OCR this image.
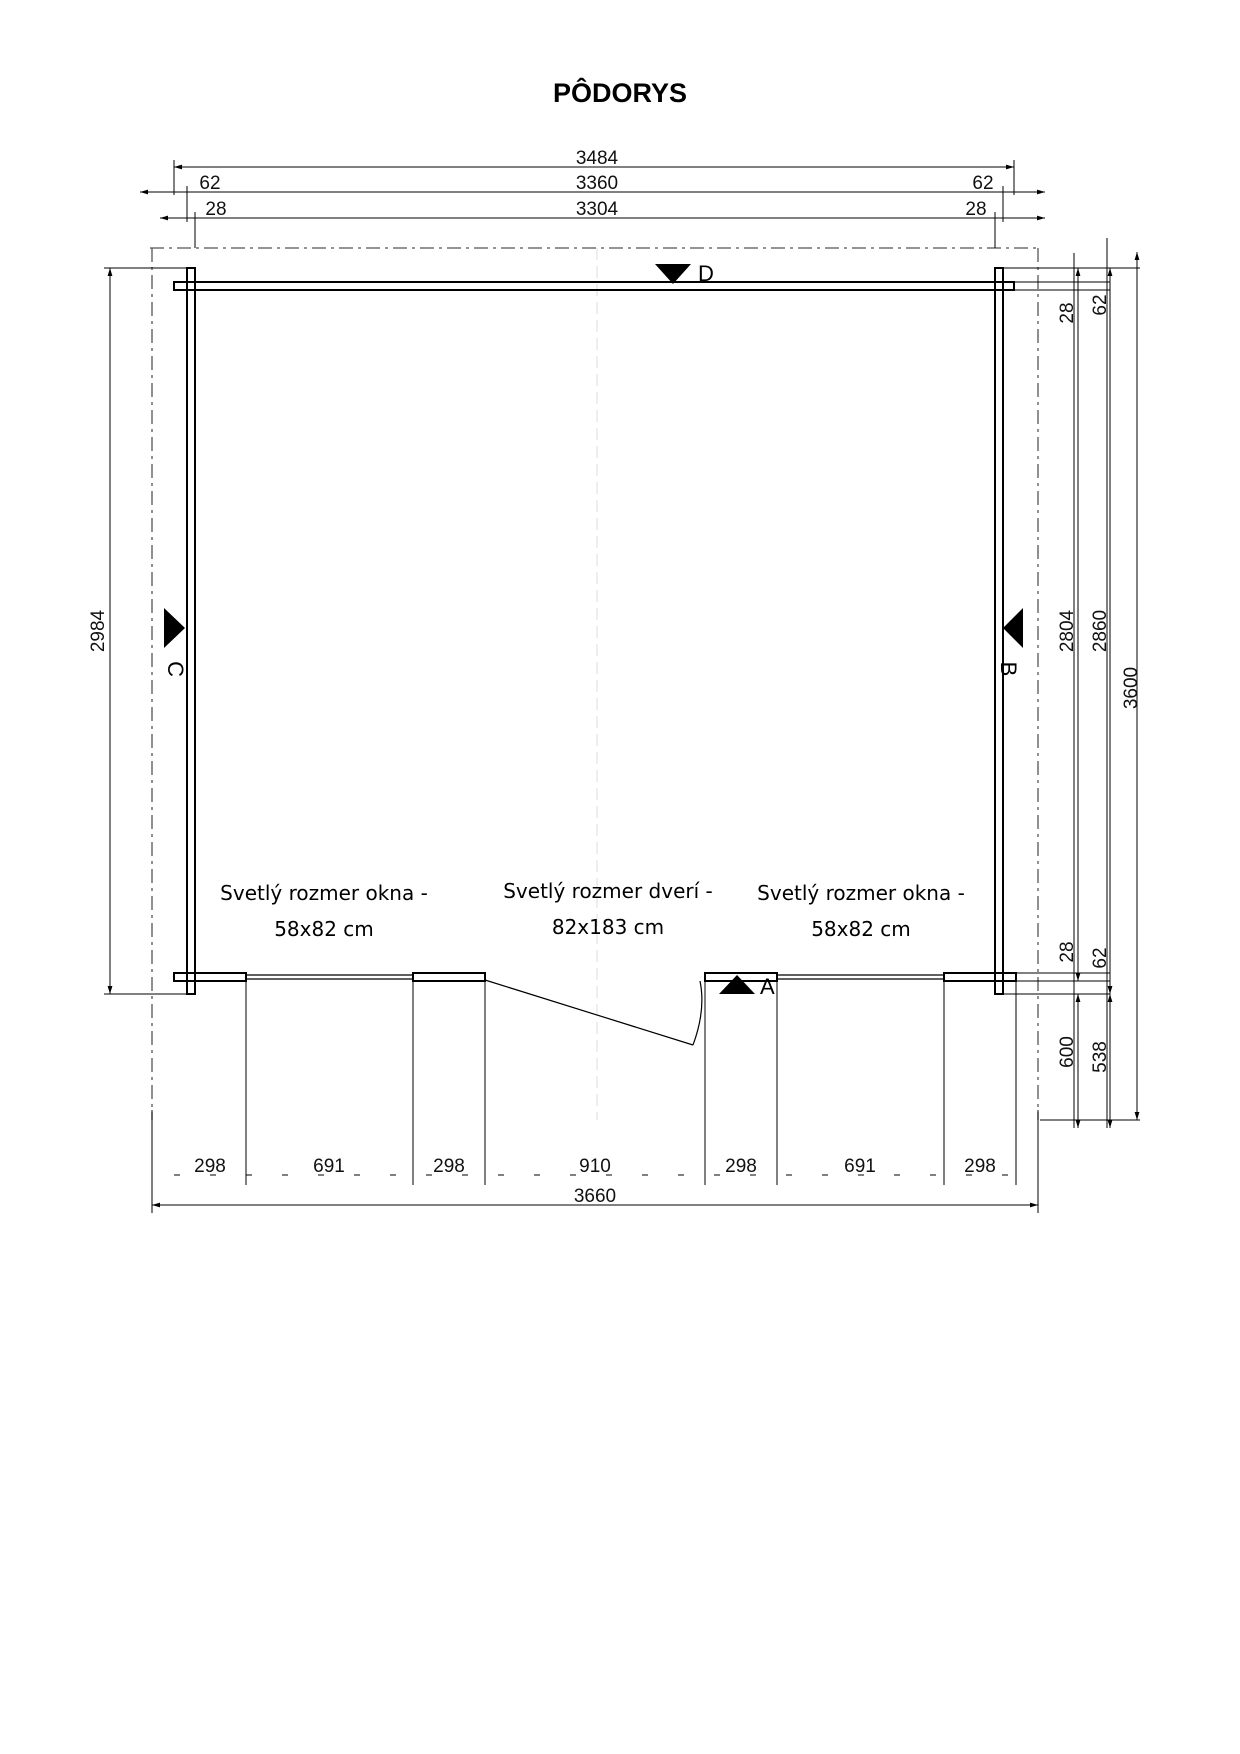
PÔDORYS
D
A
C	B
3484
62	3360	62
28	3304	28
2984
28 62
2804 2860
3600
28 62
600 538
298	691	298	910	298	691	298
3660
Svetlý rozmer okna -
58x82 cm
Svetlý rozmer dverí -
82x183 cm
Svetlý rozmer okna -
58x82 cm
